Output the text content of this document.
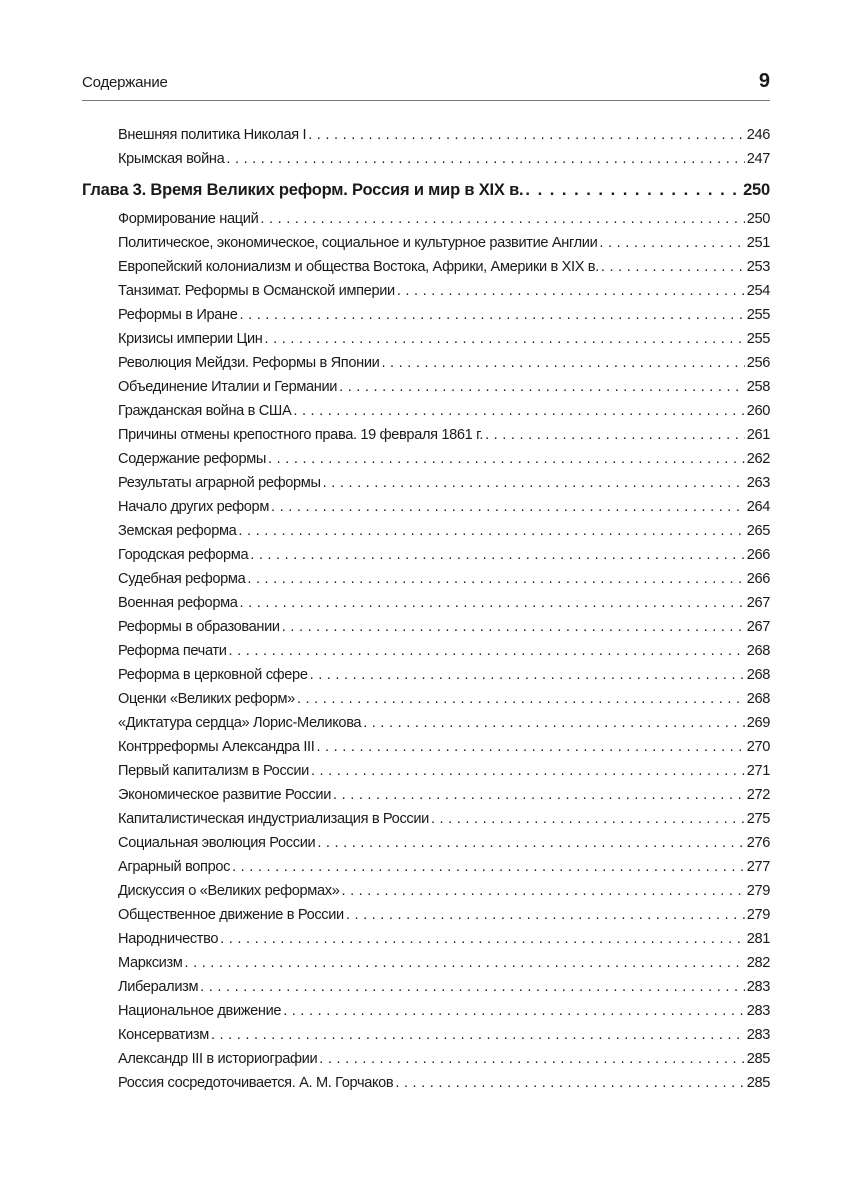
Содержание	9
Внешняя политика Николая I . . .	246
Крымская война . . .	247
Глава 3. Время Великих реформ. Россия и мир в XIX в. . . .	250
Формирование наций . . .	250
Политическое, экономическое, социальное и культурное развитие Англии . . .	251
Европейский колониализм и общества Востока, Африки, Америки в XIX в. . . .	253
Танзимат. Реформы в Османской империи . . .	254
Реформы в Иране . . .	255
Кризисы империи Цин . . .	255
Революция Мейдзи. Реформы в Японии . . .	256
Объединение Италии и Германии . . .	258
Гражданская война в США . . .	260
Причины отмены крепостного права. 19 февраля 1861 г. . . .	261
Содержание реформы . . .	262
Результаты аграрной реформы . . .	263
Начало других реформ . . .	264
Земская реформа . . .	265
Городская реформа . . .	266
Судебная реформа . . .	266
Военная реформа . . .	267
Реформы в образовании . . .	267
Реформа печати . . .	268
Реформа в церковной сфере . . .	268
Оценки «Великих реформ» . . .	268
«Диктатура сердца» Лорис-Меликова . . .	269
Контрреформы Александра III . . .	270
Первый капитализм в России . . .	271
Экономическое развитие России . . .	272
Капиталистическая индустриализация в России . . .	275
Социальная эволюция России . . .	276
Аграрный вопрос . . .	277
Дискуссия о «Великих реформах» . . .	279
Общественное движение в России . . .	279
Народничество . . .	281
Марксизм . . .	282
Либерализм . . .	283
Национальное движение . . .	283
Консерватизм . . .	283
Александр III в историографии . . .	285
Россия сосредоточивается. А. М. Горчаков . . .	285
